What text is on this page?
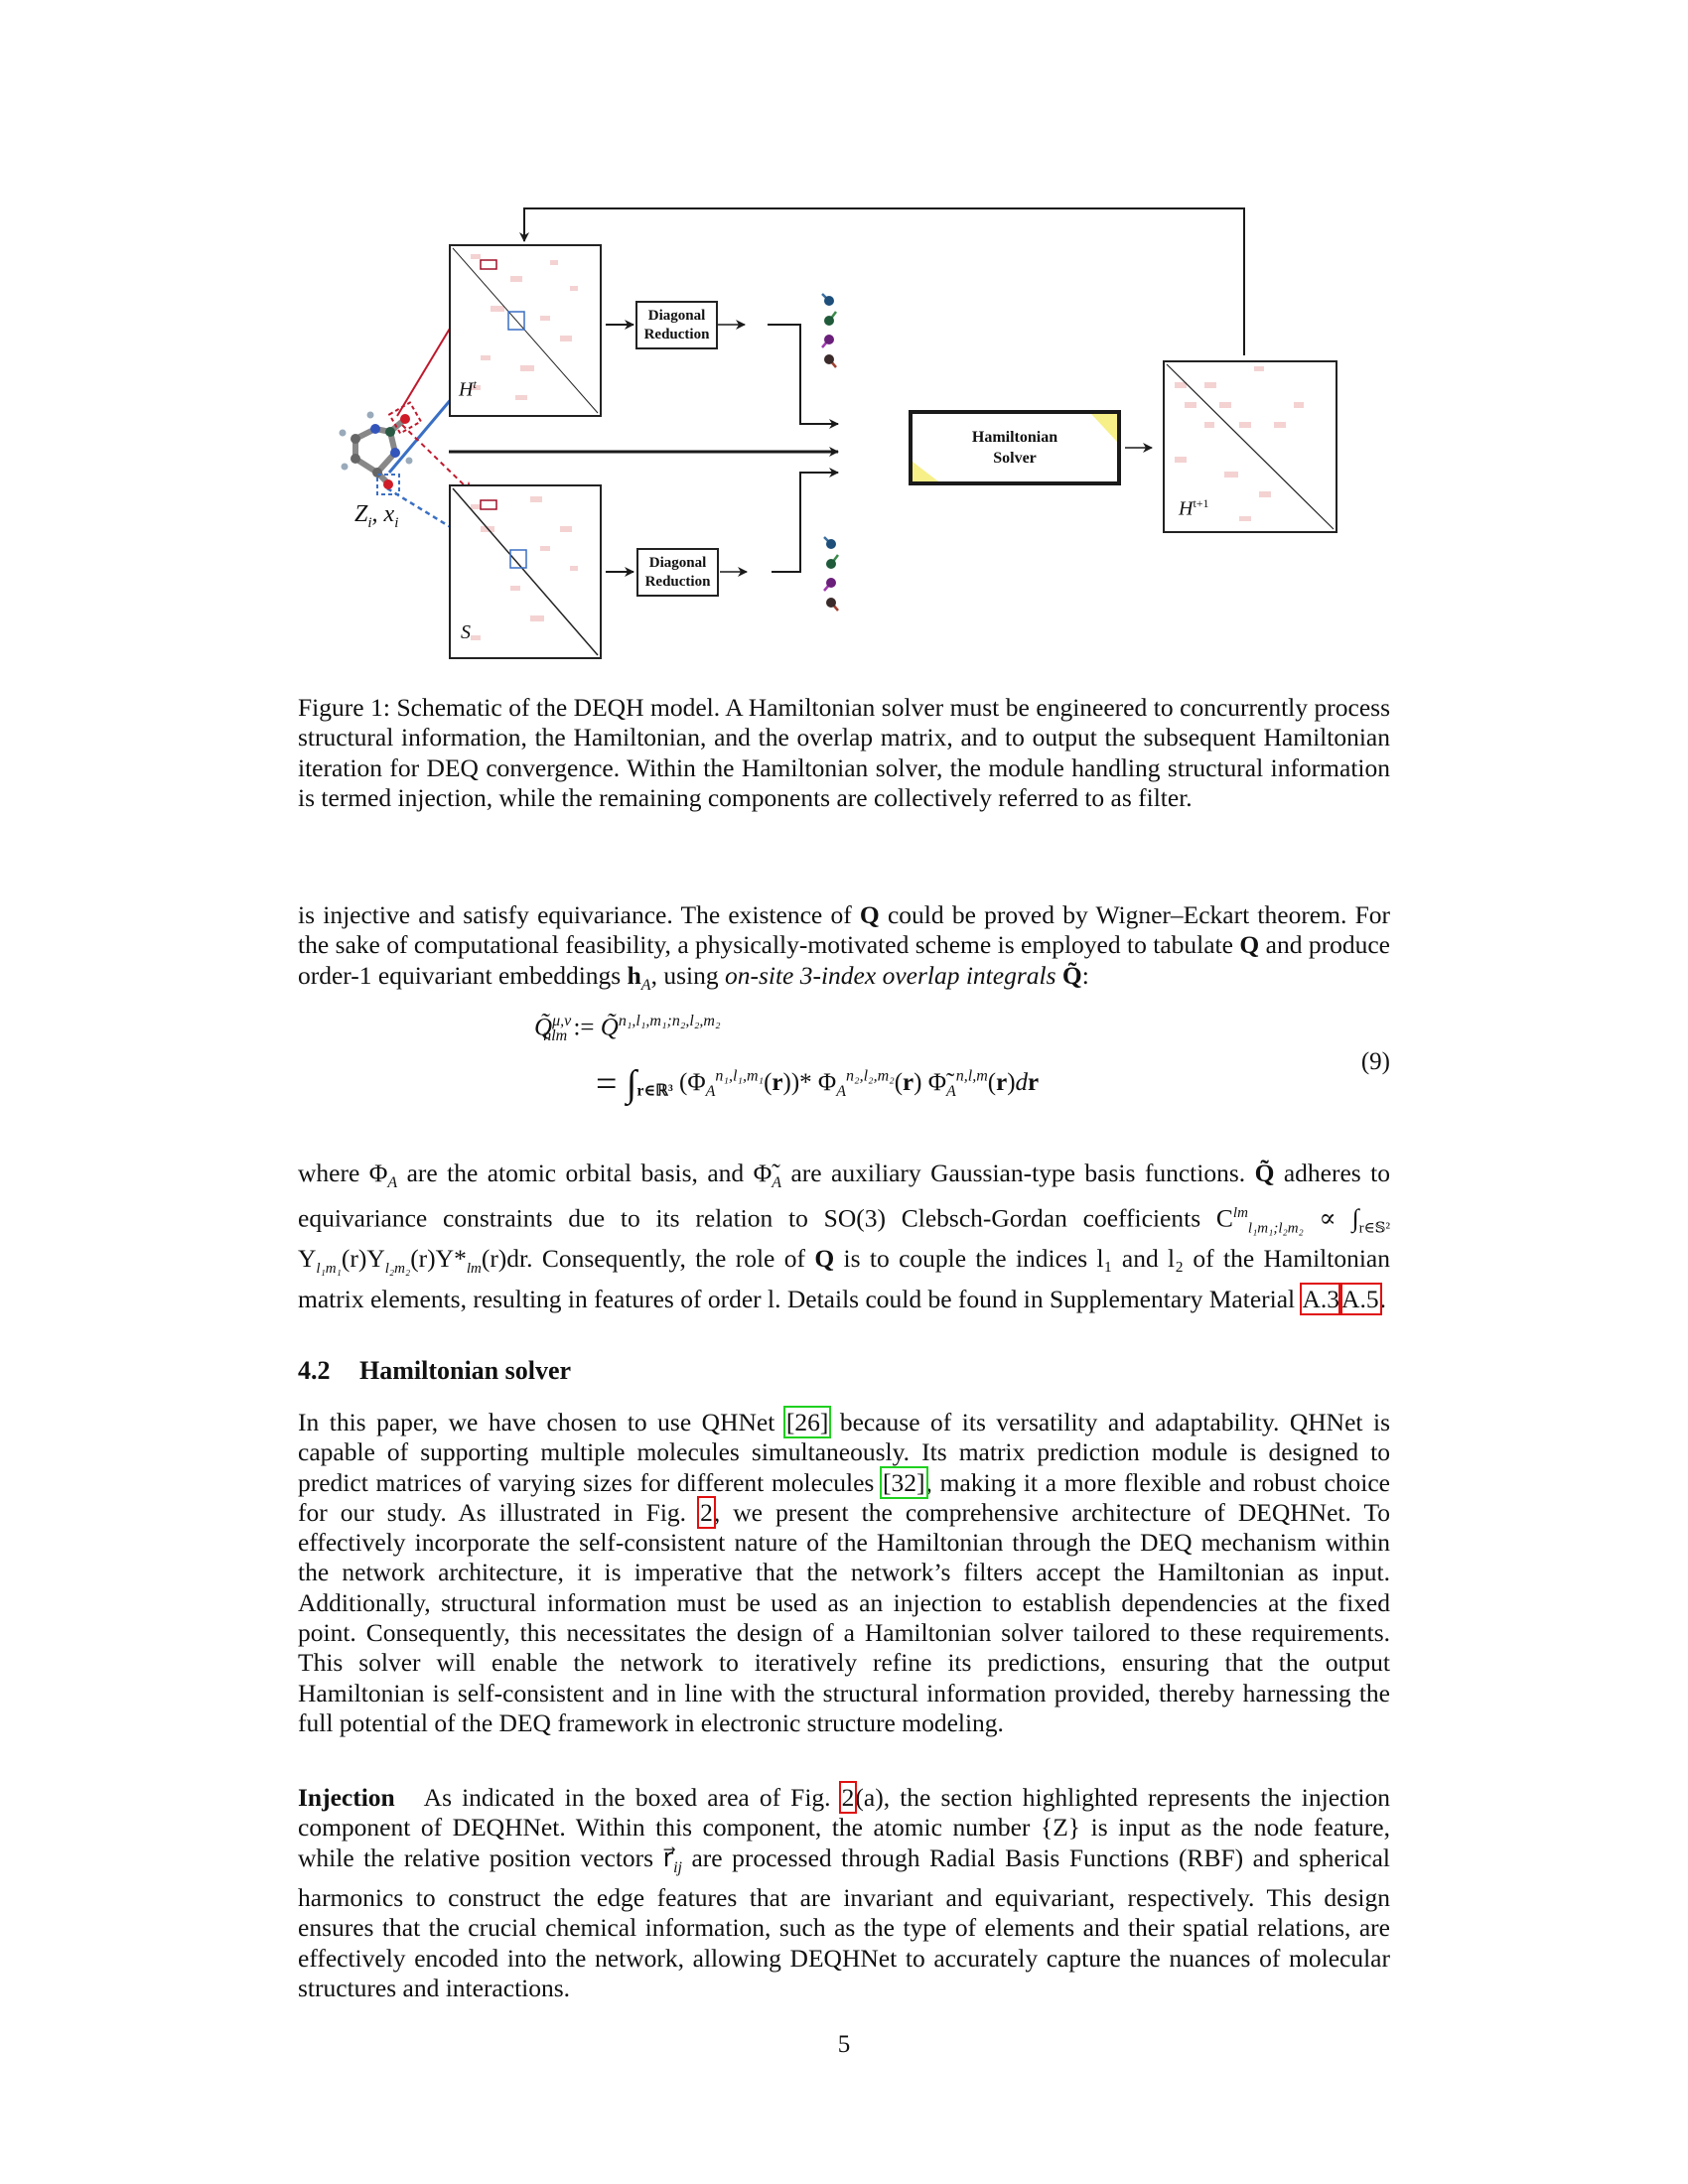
$Z_i$, $x_i$
$H^t$
S
Diagonal
Reduction
Diagonal
Reduction
Hamiltonian
Solver
$H^{t+1}$
Figure 1: Schematic of the DEQH model. A Hamiltonian solver must be engineered to concurrently process structural information, the Hamiltonian, and the overlap matrix, and to output the subsequent Hamiltonian iteration for DEQ convergence. Within the Hamiltonian solver, the module handling structural information is termed injection, while the remaining components are collectively referred to as filter.
is injective and satisfy equivariance. The existence of Q could be proved by Wigner–Eckart theorem. For the sake of computational feasibility, a physically-motivated scheme is employed to tabulate Q and produce order-1 equivariant embeddings $h_A$, using on-site 3-index overlap integrals Q̃:
Q̃$^{\mu,\nu}_{nlm}$ := Q̃$^{n_1,l_1,m_1;n_2,l_2,m_2}$
= $\int_{r\in ℝ^3}$ $(\Phi_A^{n_1,l_1,m_1}(r))*$ $\Phi_A^{n_2,l_2,m_2}(r)$ $\Phĩ_A^{n,l,m}(r)dr$
(9)
where $\Phi_A$ are the atomic orbital basis, and $\Phĩ_A$ are auxiliary Gaussian-type basis functions. Q̃ adheres to equivariance constraints due to its relation to SO(3) Clebsch-Gordan coefficients $C^{lm}_{l_1m_1;l_2m_2} \propto \int_{r\in 𝕊^2}$ $Y_{l_1m_1}(r)Y_{l_2m_2}(r)Y*_{lm}(r)dr$. Consequently, the role of Q is to couple the indices l₁ and l₂ of the Hamiltonian matrix elements, resulting in features of order l. Details could be found in Supplementary Material A.3A.5.
4.2 Hamiltonian solver
In this paper, we have chosen to use QHNet [26] because of its versatility and adaptability. QHNet is capable of supporting multiple molecules simultaneously. Its matrix prediction module is designed to predict matrices of varying sizes for different molecules [32], making it a more flexible and robust choice for our study. As illustrated in Fig. 2, we present the comprehensive architecture of DEQHNet. To effectively incorporate the self-consistent nature of the Hamiltonian through the DEQ mechanism within the network architecture, it is imperative that the network’s filters accept the Hamiltonian as input. Additionally, structural information must be used as an injection to establish dependencies at the fixed point. Consequently, this necessitates the design of a Hamiltonian solver tailored to these requirements. This solver will enable the network to iteratively refine its predictions, ensuring that the output Hamiltonian is self-consistent and in line with the structural information provided, thereby harnessing the full potential of the DEQ framework in electronic structure modeling.
Injection   As indicated in the boxed area of Fig. 2(a), the section highlighted represents the injection component of DEQHNet. Within this component, the atomic number {Z} is input as the node feature, while the relative position vectors $r⃗_{ij}$ are processed through Radial Basis Functions (RBF) and spherical harmonics to construct the edge features that are invariant and equivariant, respectively. This design ensures that the crucial chemical information, such as the type of elements and their spatial relations, are effectively encoded into the network, allowing DEQHNet to accurately capture the nuances of molecular structures and interactions.
5
